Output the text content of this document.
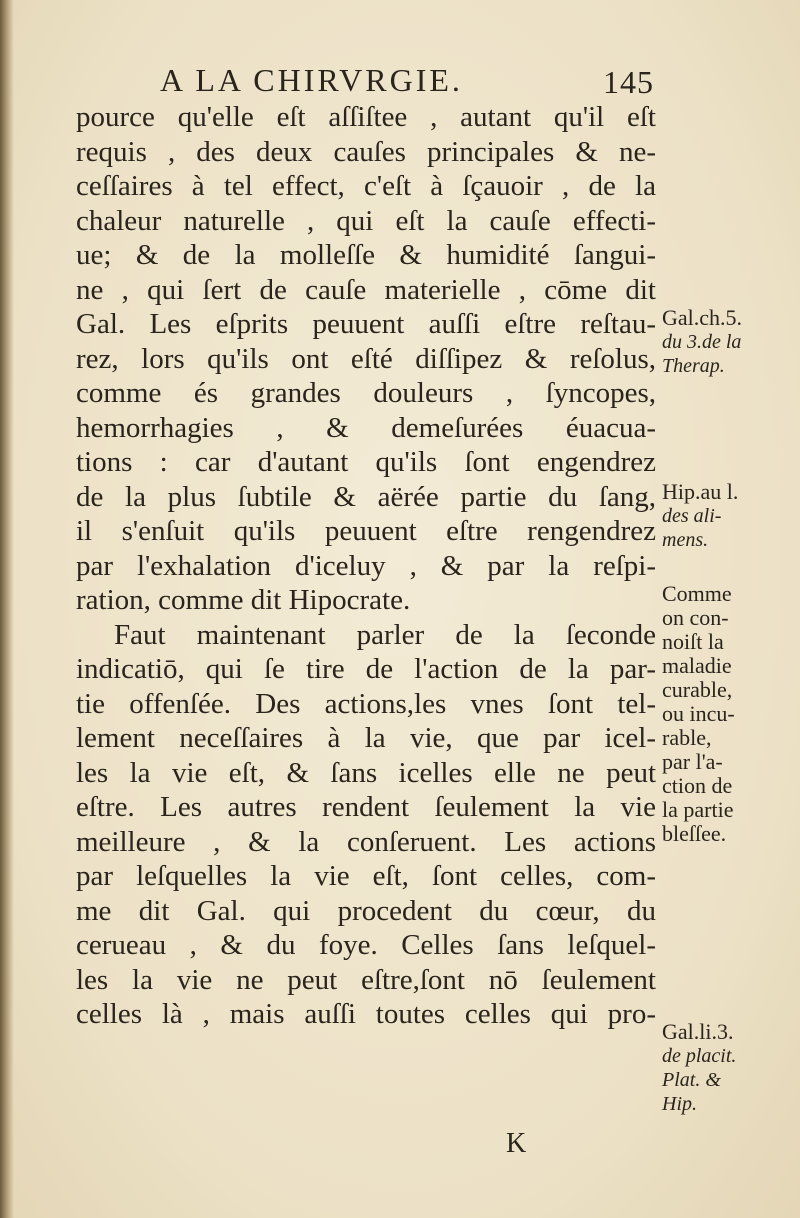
A LA CHIRVRGIE.	145
pource qu'elle eſt aſſiſtee , autant qu'il eſt
requis , des deux cauſes principales & ne-
ceſſaires à tel effect, c'eſt à ſçauoir , de la
chaleur naturelle , qui eſt la cauſe effecti-
ue; & de la molleſſe & humidité ſangui-
ne , qui ſert de cauſe materielle , cōme dit
Gal. Les eſprits peuuent auſſi eſtre reſtau-
rez, lors qu'ils ont eſté diſſipez & reſolus,
comme és grandes douleurs , ſyncopes,
hemorrhagies , & demeſurées éuacua-
tions : car d'autant qu'ils ſont engendrez
de la plus ſubtile & aërée partie du ſang,
il s'enſuit qu'ils peuuent eſtre rengendrez
par l'exhalation d'iceluy , & par la reſpi-
ration, comme dit Hipocrate.
Faut maintenant parler de la ſeconde
indicatiō, qui ſe tire de l'action de la par-
tie offenſée. Des actions,les vnes ſont tel-
lement neceſſaires à la vie, que par icel-
les la vie eſt, & ſans icelles elle ne peut
eſtre. Les autres rendent ſeulement la vie
meilleure , & la conſeruent. Les actions
par leſquelles la vie eſt, ſont celles, com-
me dit Gal. qui procedent du cœur, du
cerueau , & du foye. Celles ſans leſquel-
les la vie ne peut eſtre,ſont nō ſeulement
celles là , mais auſſi toutes celles qui pro-
Gal.ch.5.
du 3.de la
Therap.
Hip.au l.
des ali-
mens.
Comme
on con-
noiſt la
maladie
curable,
ou incu-
rable,
par l'a-
ction de
la partie
bleſſee.
Gal.li.3.
de placit.
Plat. &
Hip.
K
